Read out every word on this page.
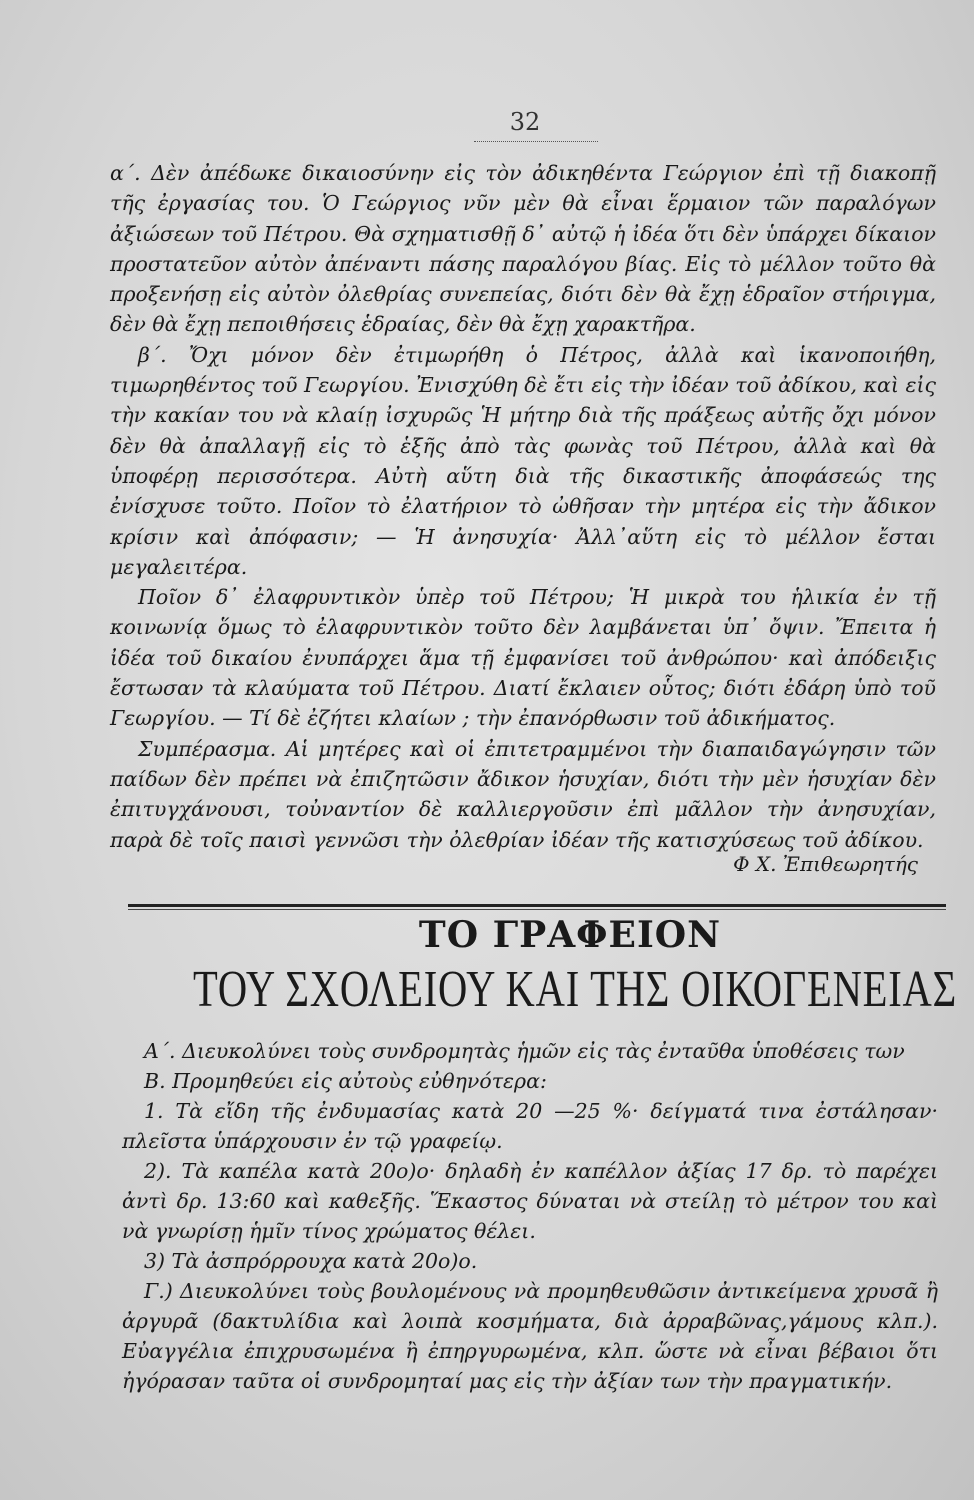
32

α΄. Δὲν ἀπέδωκε δικαιοσύνην εἰς τὸν ἀδικηθέντα Γεώργιον ἐπὶ τῇ διακοπῇ τῆς ἐργασίας του. Ὁ Γεώργιος νῦν μὲν θὰ εἶναι ἕρμαιον τῶν παραλόγων ἀξιώσεων τοῦ Πέτρου. Θὰ σχηματισθῇ δ᾽ αὐτῷ ἡ ἰδέα ὅτι δὲν ὑπάρχει δίκαιον προστατεῦον αὐτὸν ἀπέναντι πάσης παραλόγου βίας. Εἰς τὸ μέλλον τοῦτο θὰ προξενήσῃ εἰς αὐτὸν ὀλεθρίας συνεπείας, διότι δὲν θὰ ἔχῃ ἑδραῖον στήριγμα, δὲν θὰ ἔχῃ πεποιθήσεις ἑδραίας, δὲν θὰ ἔχῃ χαρακτῆρα.

β΄. Ὄχι μόνον δὲν ἐτιμωρήθη ὁ Πέτρος, ἀλλὰ καὶ ἱκανοποιήθη, τιμωρηθέντος τοῦ Γεωργίου. Ἐνισχύθη δὲ ἔτι εἰς τὴν ἰδέαν τοῦ ἀδίκου, καὶ εἰς τὴν κακίαν του νὰ κλαίῃ ἰσχυρῶς Ἡ μήτηρ διὰ τῆς πράξεως αὐτῆς ὄχι μόνον δὲν θὰ ἀπαλλαγῇ εἰς τὸ ἑξῆς ἀπὸ τὰς φωνὰς τοῦ Πέτρου, ἀλλὰ καὶ θὰ ὑποφέρῃ περισσότερα. Αὐτὴ αὕτη διὰ τῆς δικαστικῆς ἀποφάσεώς της ἐνίσχυσε τοῦτο. Ποῖον τὸ ἐλατήριον τὸ ὠθῆσαν τὴν μητέρα εἰς τὴν ἄδικον κρίσιν καὶ ἀπόφασιν; — Ἡ ἀνησυχία· Ἀλλ᾽αὕτη εἰς τὸ μέλλον ἔσται μεγαλειτέρα.

Ποῖον δ᾽ ἐλαφρυντικὸν ὑπὲρ τοῦ Πέτρου; Ἡ μικρὰ του ἡλικία ἐν τῇ κοινωνίᾳ ὅμως τὸ ἐλαφρυντικὸν τοῦτο δὲν λαμβάνεται ὑπ᾽ ὄψιν. Ἔπειτα ἡ ἰδέα τοῦ δικαίου ἐνυπάρχει ἅμα τῇ ἐμφανίσει τοῦ ἀνθρώπου· καὶ ἀπόδειξις ἔστωσαν τὰ κλαύματα τοῦ Πέτρου. Διατί ἔκλαιεν οὗτος; διότι ἐδάρη ὑπὸ τοῦ Γεωργίου. — Τί δὲ ἐζήτει κλαίων ; τὴν ἐπανόρθωσιν τοῦ ἀδικήματος.

Συμπέρασμα. Αἱ μητέρες καὶ οἱ ἐπιτετραμμένοι τὴν διαπαιδαγώγησιν τῶν παίδων δὲν πρέπει νὰ ἐπιζητῶσιν ἄδικον ἡσυχίαν, διότι τὴν μὲν ἡσυχίαν δὲν ἐπιτυγχάνουσι, τοὐναντίον δὲ καλλιεργοῦσιν ἐπὶ μᾶλλον τὴν ἀνησυχίαν, παρὰ δὲ τοῖς παισὶ γεννῶσι τὴν ὀλεθρίαν ἰδέαν τῆς κατισχύσεως τοῦ ἀδίκου.

Φ Χ. Ἐπιθεωρητής
ΤΟ ΓΡΑΦΕΙΟΝ
ΤΟΥ ΣΧΟΛΕΙΟΥ ΚΑΙ ΤΗΣ ΟΙΚΟΓΕΝΕΙΑΣ

Α΄. Διευκολύνει τοὺς συνδρομητὰς ἡμῶν εἰς τὰς ἐνταῦθα ὑποθέσεις των

Β. Προμηθεύει εἰς αὐτοὺς εὐθηνότερα:

1. Τὰ εἴδη τῆς ἐνδυμασίας κατὰ 20 —25 %· δείγματά τινα ἐστάλησαν· πλεῖστα ὑπάρχουσιν ἐν τῷ γραφείῳ.

2). Τὰ καπέλα κατὰ 20ο)ο· δηλαδὴ ἐν καπέλλον ἀξίας 17 δρ. τὸ παρέχει ἀντὶ δρ. 13:60 καὶ καθεξῆς. Ἕκαστος δύναται νὰ στείλῃ τὸ μέτρον του καὶ νὰ γνωρίσῃ ἡμῖν τίνος χρώματος θέλει.

3) Τὰ ἀσπρόρρουχα κατὰ 20ο)ο.

Γ.) Διευκολύνει τοὺς βουλομένους νὰ προμηθευθῶσιν ἀντικείμενα χρυσᾶ ἢ ἀργυρᾶ (δακτυλίδια καὶ λοιπὰ κοσμήματα, διὰ ἀρραβῶνας,γάμους κλπ.). Εὐαγγέλια ἐπιχρυσωμένα ἢ ἐπηργυρωμένα, κλπ. ὥστε νὰ εἶναι βέβαιοι ὅτι ἠγόρασαν ταῦτα οἱ συνδρομηταί μας εἰς τὴν ἀξίαν των τὴν πραγματικήν.
